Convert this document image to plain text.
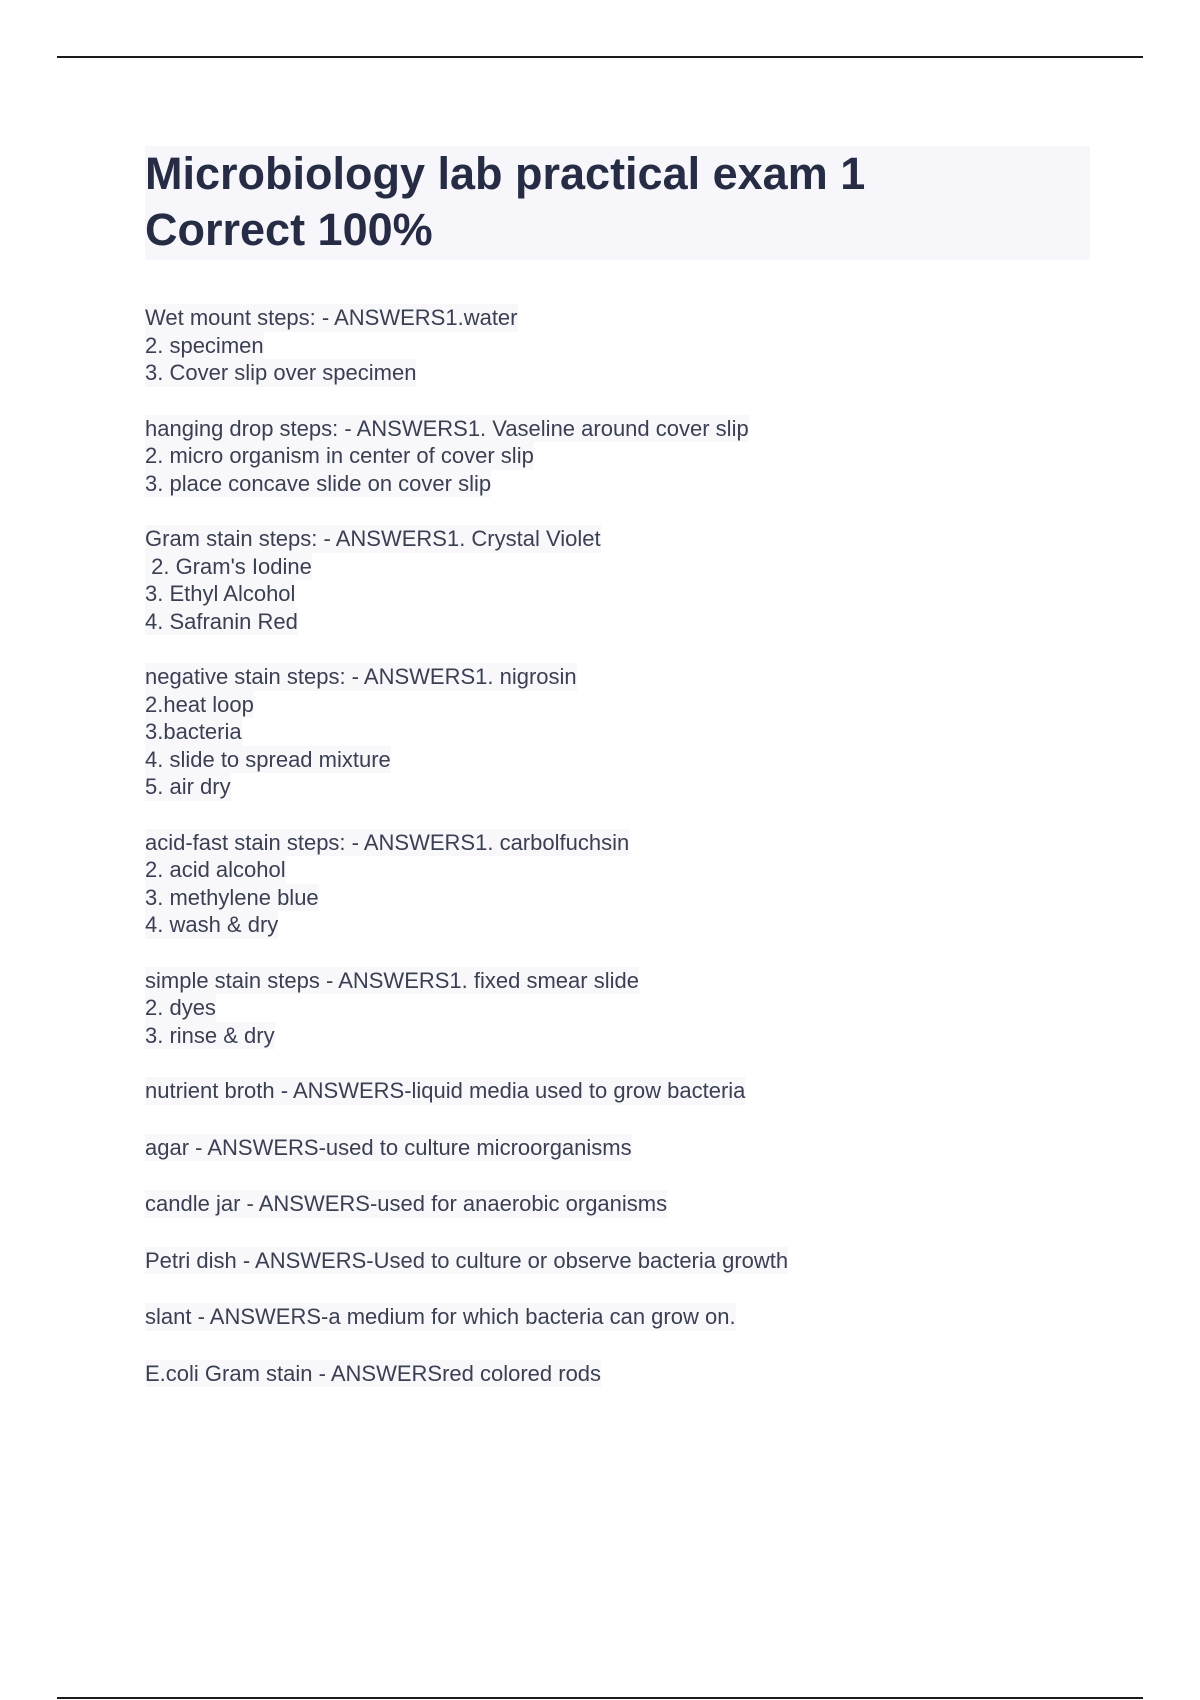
Microbiology lab practical exam 1
Correct 100%
Wet mount steps: - ANSWERS1.water
2. specimen
3. Cover slip over specimen
hanging drop steps: - ANSWERS1. Vaseline around cover slip
2. micro organism in center of cover slip
3. place concave slide on cover slip
Gram stain steps: - ANSWERS1. Crystal Violet
2. Gram's Iodine
3. Ethyl Alcohol
4. Safranin Red
negative stain steps: - ANSWERS1. nigrosin
2.heat loop
3.bacteria
4. slide to spread mixture
5. air dry
acid-fast stain steps: - ANSWERS1. carbolfuchsin
2. acid alcohol
3. methylene blue
4. wash & dry
simple stain steps - ANSWERS1. fixed smear slide
2. dyes
3. rinse & dry
nutrient broth - ANSWERS-liquid media used to grow bacteria
agar - ANSWERS-used to culture microorganisms
candle jar - ANSWERS-used for anaerobic organisms
Petri dish - ANSWERS-Used to culture or observe bacteria growth
slant - ANSWERS-a medium for which bacteria can grow on.
E.coli Gram stain - ANSWERSred colored rods
